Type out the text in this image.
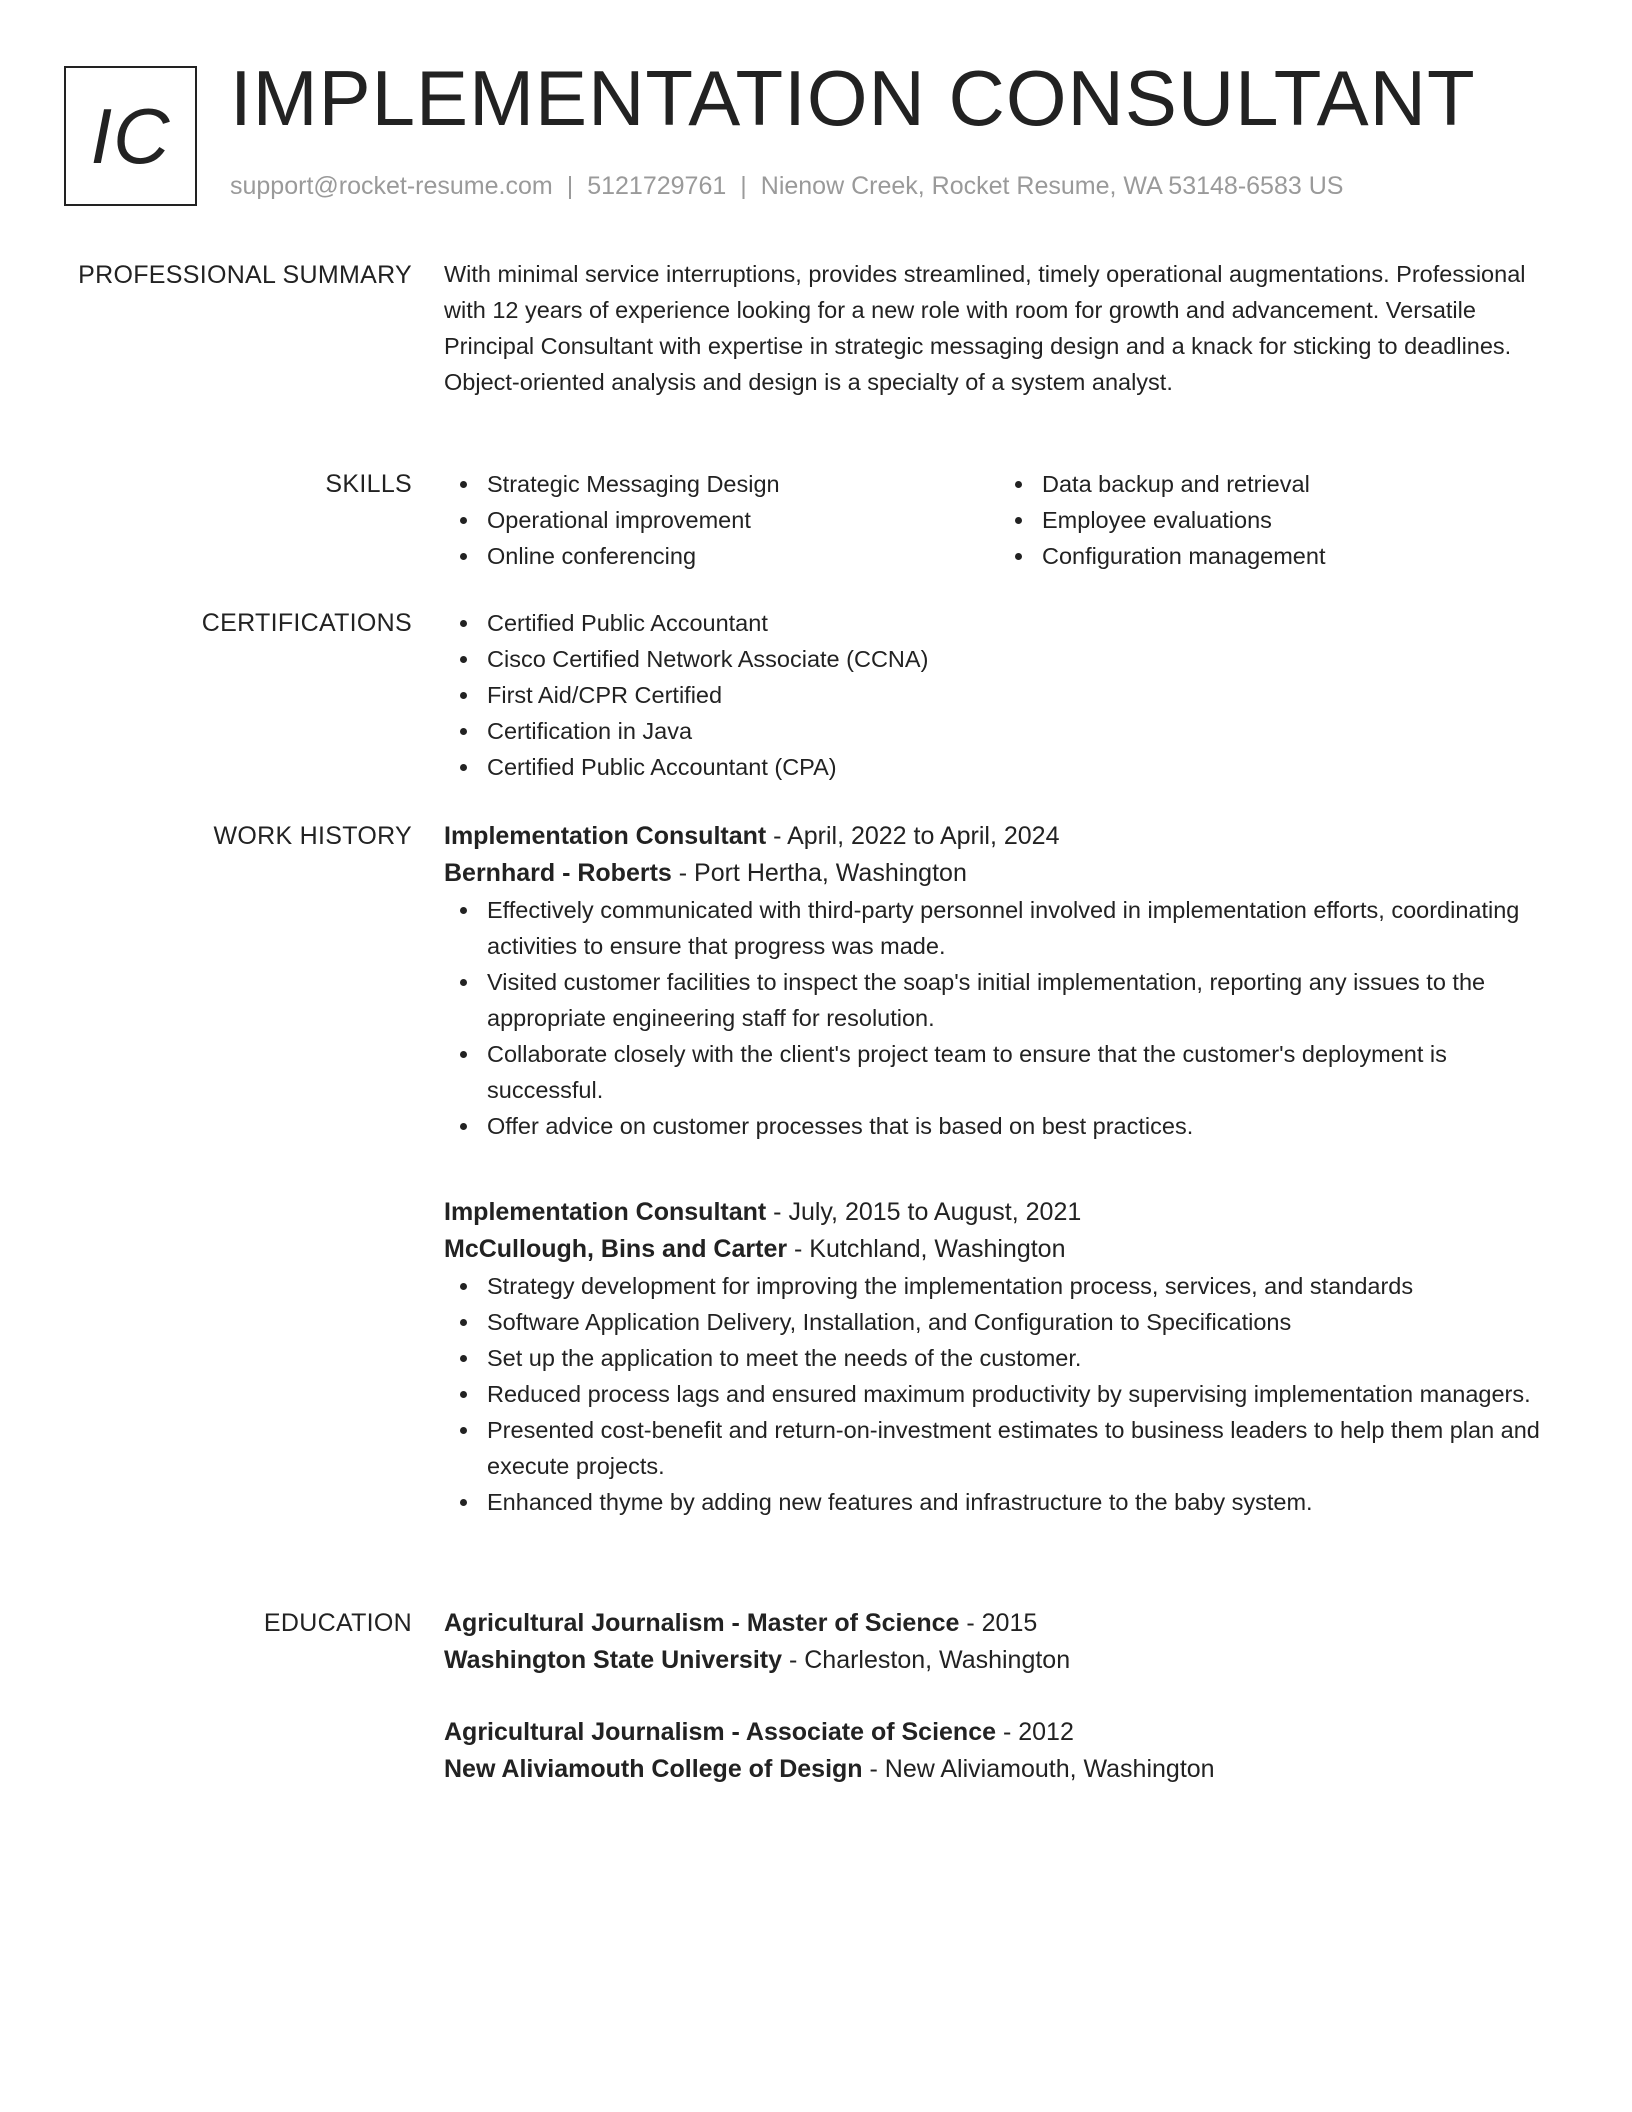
IC IMPLEMENTATION CONSULTANT
support@rocket-resume.com | 5121729761 | Nienow Creek, Rocket Resume, WA 53148-6583 US
PROFESSIONAL SUMMARY With minimal service interruptions, provides streamlined, timely operational augmentations. Professional with 12 years of experience looking for a new role with room for growth and advancement. Versatile Principal Consultant with expertise in strategic messaging design and a knack for sticking to deadlines. Object-oriented analysis and design is a specialty of a system analyst.

SKILLS	Strategic Messaging Design
Operational improvement
Online conferencing
Data backup and retrieval
Employee evaluations
Configuration management
CERTIFICATIONS	Certified Public Accountant
Cisco Certified Network Associate (CCNA)
First Aid/CPR Certified
Certification in Java
Certified Public Accountant (CPA)
WORK HISTORY Implementation Consultant - April, 2022 to April, 2024
Bernhard - Roberts - Port Hertha, Washington
Effectively communicated with third-party personnel involved in implementation efforts, coordinating activities to ensure that progress was made.
Visited customer facilities to inspect the soap's initial implementation, reporting any issues to the appropriate engineering staff for resolution.
Collaborate closely with the client's project team to ensure that the customer's deployment is successful.
Offer advice on customer processes that is based on best practices.
Implementation Consultant - July, 2015 to August, 2021
McCullough, Bins and Carter - Kutchland, Washington
Strategy development for improving the implementation process, services, and standards
Software Application Delivery, Installation, and Configuration to Specifications
Set up the application to meet the needs of the customer.
Reduced process lags and ensured maximum productivity by supervising implementation managers.
Presented cost-benefit and return-on-investment estimates to business leaders to help them plan and execute projects.
Enhanced thyme by adding new features and infrastructure to the baby system.
EDUCATION Agricultural Journalism - Master of Science - 2015
Washington State University - Charleston, Washington
Agricultural Journalism - Associate of Science - 2012
New Aliviamouth College of Design - New Aliviamouth, Washington
